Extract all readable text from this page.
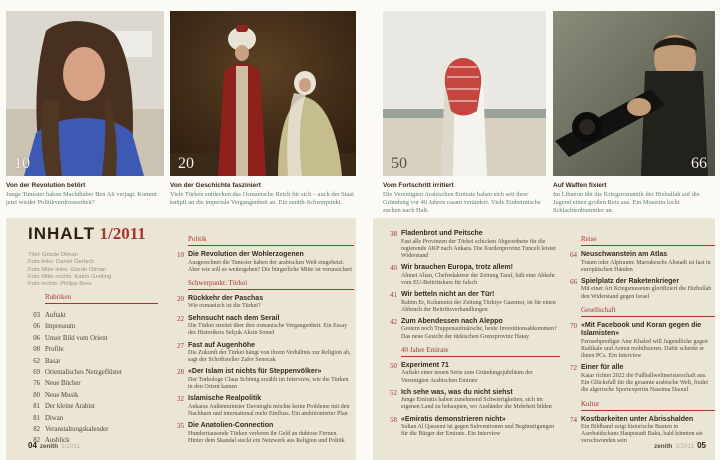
10	20	50	66
Von der Revolution betört
Junge Tunesier haben Machthaber Ben Ali verjagt. Kommt jetzt wieder Politikverdrossenheit?
Von der Geschichte fasziniert
Viele Türken entdecken das Osmanische Reich für sich – auch der Staat knüpft an die imperiale Vergangenheit an. Ein zenith-Schwerpunkt.
Vom Fortschritt irritiert
Die Vereinigten Arabischen Emirate haben sich seit ihrer Gründung vor 40 Jahren rasant verändert. Viele Einheimische suchen nach Halt.
Auf Waffen fixiert
Im Libanon übt die Kriegsromantik der Hizbullah auf die Jugend einen großen Reiz aus. Ein Museum lockt Schlachtenbummler an.
INHALT 1/2011
Titel: Gözde Otman
Foto links: Daniel Gerlach
Foto Mitte links: Gözde Otman
Foto Mitte rechts: Katrin Greiling
Foto rechts: Philipp Breu
Rubriken
03 Auftakt
06 Impressum
06 Unser Bild vom Orient
08 Profile
62 Basar
69 Orientalisches Netzgeflüster
76 Neue Bücher
80 Neue Musik
81 Der kleine Arabist
81 Diwan
82 Veranstaltungskalender
82 Ausblick
Politik
10 Die Revolution der Wohlerzogenen
Ausgerechnet die Tunesier haben der arabischen Welt eingeheizt. Aber wie soll es weitergehen? Die bürgerliche Mitte ist verunsichert
Schwerpunkt: Türkei
20 Rückkehr der Paschas
Wie osmanisch ist die Türkei?
22 Sehnsucht nach dem Serail
Die Türkei streitet über ihre osmanische Vergangenheit. Ein Essay des Historikers Selçuk Aksin Somel
27 Fast auf Augenhöhe
Die Zukunft der Türkei hängt von ihrem Verhältnis zur Religion ab, sagt der Schriftsteller Zafer Senocak
28 «Der Islam ist nichts für Steppenvölker»
Der Turkologe Claus Schönig erzählt im Interview, wie die Türken in den Orient kamen
32 Islamische Realpolitik
Ankaras Außenminister Davutoglu möchte keine Probleme mit den Nachbarn und international mehr Einfluss. Ein ambitionierter Plan
35 Die Anatolien-Connection
Hunderttausende Türken verloren ihr Geld an dubiose Firmen. Hinter dem Skandal steckt ein Netzwerk aus Religion und Politik
38 Fladenbrot und Peitsche
Fast alle Provinzen der Türkei schicken Abgeordnete für die regierende AKP nach Ankara. Die Kurdenprovinz Tunceli leistet Widerstand
40 Wir brauchen Europa, trotz allem!
Ahmet Altan, Chefredakteur der Zeitung Taraf, hält eine Abkehr vom EU-Beitrittskurs für falsch
41 Wir betteln nicht an der Tür!
Rahim Er, Kolumnist der Zeitung Türkiye Gazetesi, ist für einen Abbruch der Beitrittsverhandlungen
42 Zum Abendessen nach Aleppo
Gestern noch Truppenaufmärsche, heute Investitionsabkommen? Das neue Gesicht der türkischen Grenzprovinz Hatay
40 Jahre Emirate
50 Experiment 71
Auftakt einer neuen Serie zum Gründungsjubiläum der Vereinigten Arabischen Emirate
52 Ich sehe was, was du nicht siehst
Junge Emiratis haben zunehmend Schwierigkeiten, sich im eigenen Land zu behaupten, wo Ausländer die Mehrheit bilden
58 «Emiratis demonstrieren nicht»
Sultan Al Qassemi ist gegen Subventionen und Begünstigungen für die Bürger der Emirate. Ein Interview
Reise
64 Neuschwanstein am Atlas
Traum oder Alptraum: Marrakeschs Altstadt ist fast in europäischen Händen
66 Spielplatz der Raketenkrieger
Mit einer Art Kriegsmuseum glorifiziert die Hizbullah den Widerstand gegen Israel
Gesellschaft
70 «Mit Facebook und Koran gegen die Islamisten»
Fernsehprediger Amr Khaled will Jugendliche gegen Radikale und Armut mobilisieren. Dafür schenkt er ihnen PCs. Ein Interview
72 Einer für alle
Katar richtet 2022 die Fußballweltmeisterschaft aus. Ein Glücksfall für die gesamte arabische Welt, findet die algerische Sportexpertin Nassima Daoud
Kultur
74 Kostbarkeiten unter Abrisshalden
Ein Bildband zeigt historische Bauten in Aserbaidschans Hauptstadt Baku, bald könnten sie verschwunden sein
04 zenith 1/2011	zenith 1/2011 05
